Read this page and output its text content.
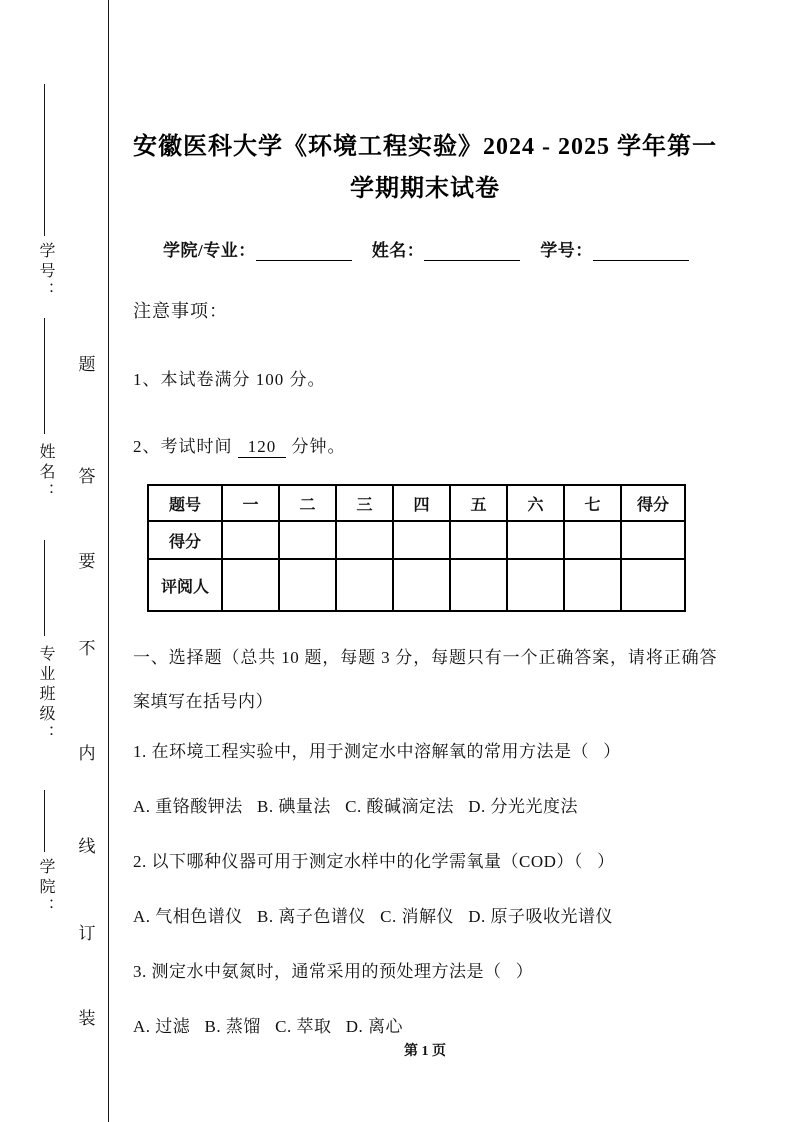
学号：
姓名：
专业班级：
学院：
题
答
要
不
内
线
订
装
安徽医科大学《环境工程实验》2024 - 2025 学年第一
学期期末试卷
学院/专业：	姓名：	学号：

注意事项：

1、本试卷满分 100 分。

2、考试时间 120 分钟。

题号	一	二	三	四	五	六	七	得分
得分								
评阅人								

一、选择题（总共 10 题，每题 3 分，每题只有一个正确答案，请将正确答案填写在括号内）

1. 在环境工程实验中，用于测定水中溶解氧的常用方法是（   ）

A. 重铬酸钾法   B. 碘量法   C. 酸碱滴定法   D. 分光光度法

2. 以下哪种仪器可用于测定水样中的化学需氧量（COD）（   ）

A. 气相色谱仪   B. 离子色谱仪   C. 消解仪   D. 原子吸收光谱仪

3. 测定水中氨氮时，通常采用的预处理方法是（   ）

A. 过滤   B. 蒸馏   C. 萃取   D. 离心

第 1 页
